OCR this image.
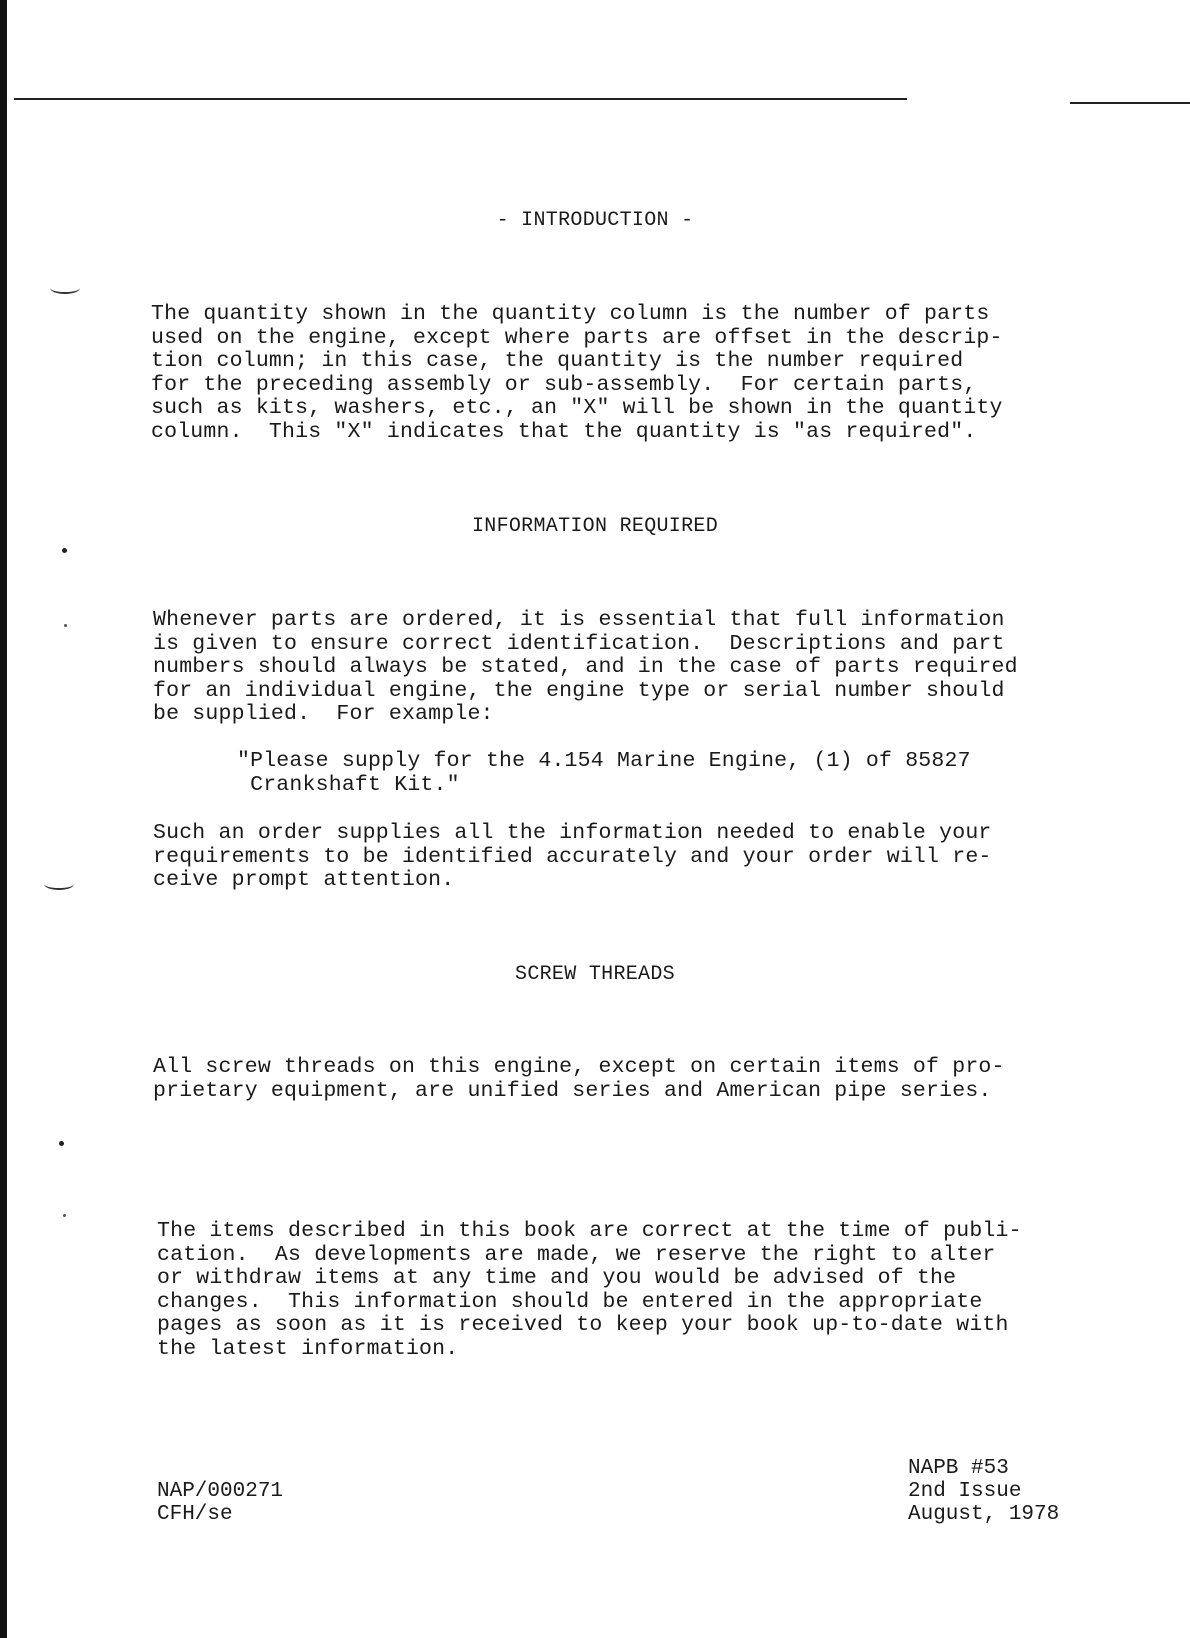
- INTRODUCTION -

The quantity shown in the quantity column is the number of parts
used on the engine, except where parts are offset in the descrip-
tion column; in this case, the quantity is the number required
for the preceding assembly or sub-assembly.  For certain parts,
such as kits, washers, etc., an "X" will be shown in the quantity
column.  This "X" indicates that the quantity is "as required".

INFORMATION REQUIRED

Whenever parts are ordered, it is essential that full information
is given to ensure correct identification.  Descriptions and part
numbers should always be stated, and in the case of parts required
for an individual engine, the engine type or serial number should
be supplied.  For example:

"Please supply for the 4.154 Marine Engine, (1) of 85827
Crankshaft Kit."

Such an order supplies all the information needed to enable your
requirements to be identified accurately and your order will re-
ceive prompt attention.

SCREW THREADS

All screw threads on this engine, except on certain items of pro-
prietary equipment, are unified series and American pipe series.

The items described in this book are correct at the time of publi-
cation.  As developments are made, we reserve the right to alter
or withdraw items at any time and you would be advised of the
changes.  This information should be entered in the appropriate
pages as soon as it is received to keep your book up-to-date with
the latest information.

NAP/000271
CFH/se

NAPB #53
2nd Issue
August, 1978
